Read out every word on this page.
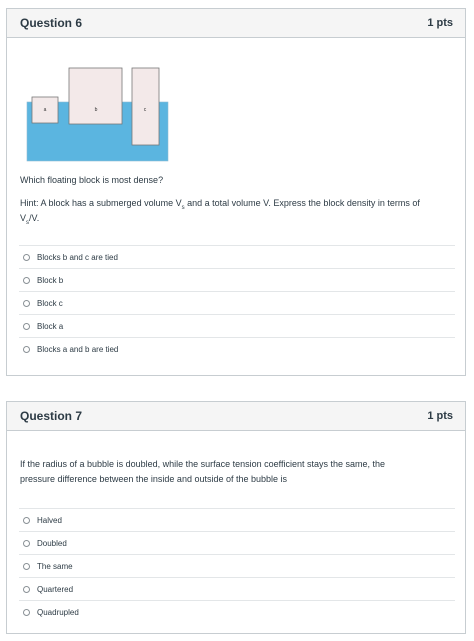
Question 6	1 pts
a	b	c
Which floating block is most dense?
Hint: A block has a submerged volume $V_s$ and a total volume V. Express the block density in terms of
$V_s/V$.
Blocks b and c are tied
Block b
Block c
Block a
Blocks a and b are tied
Question 7	1 pts
If the radius of a bubble is doubled, while the surface tension coefficient stays the same, the
pressure difference between the inside and outside of the bubble is
Halved
Doubled
The same
Quartered
Quadrupled
